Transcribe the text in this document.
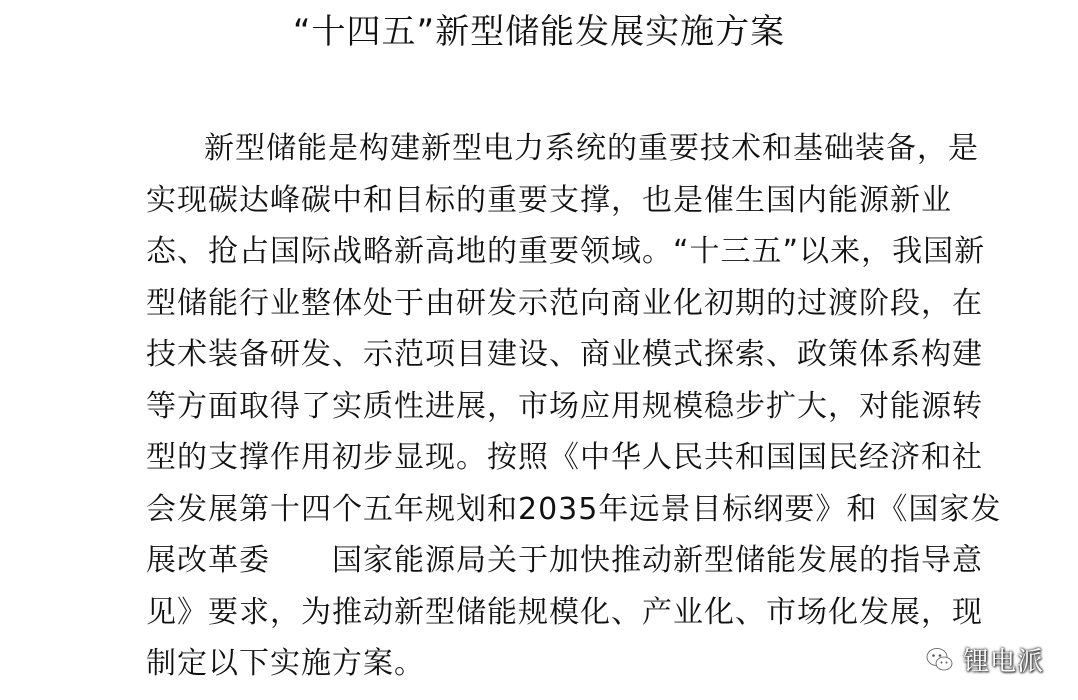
“十四五”新型储能发展实施方案
新型储能是构建新型电力系统的重要技术和基础装备，是
实现碳达峰碳中和目标的重要支撑，也是催生国内能源新业
态、抢占国际战略新高地的重要领域。“十三五”以来，我国新
型储能行业整体处于由研发示范向商业化初期的过渡阶段，在
技术装备研发、示范项目建设、商业模式探索、政策体系构建
等方面取得了实质性进展，市场应用规模稳步扩大，对能源转
型的支撑作用初步显现。按照《中华人民共和国国民经济和社
会发展第十四个五年规划和2035年远景目标纲要》和《国家发
展改革委　　国家能源局关于加快推动新型储能发展的指导意
见》要求，为推动新型储能规模化、产业化、市场化发展，现
制定以下实施方案。	锂电派
